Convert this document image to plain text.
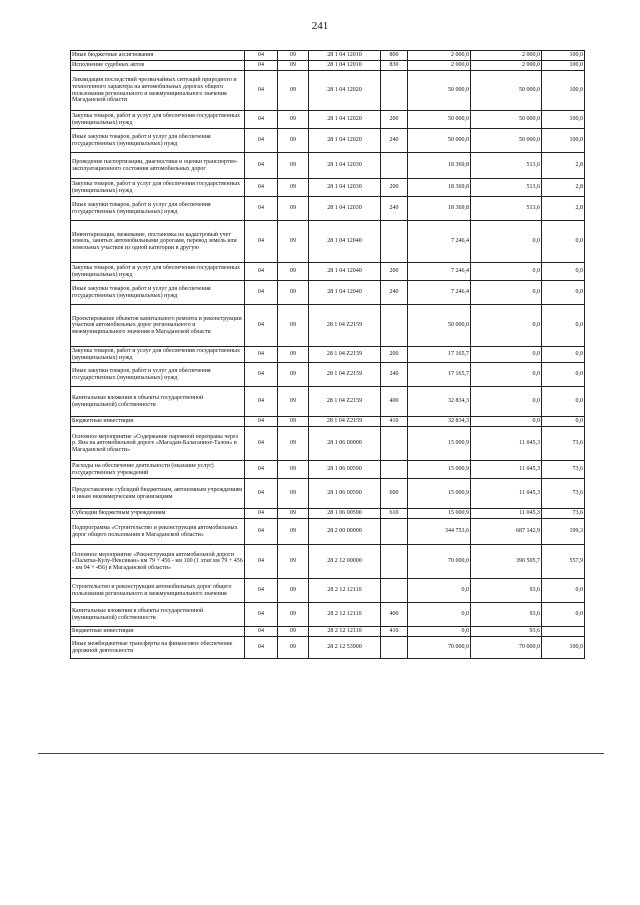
241
Иные бюджетные ассигнования	04	09	28 1 04 12010	800	2 000,0	2 000,0	100,0
Исполнение судебных актов	04	09	28 1 04 12010	830	2 000,0	2 000,0	100,0
Ликвидация последствий чрезвычайных ситуаций природного и техногенного характера на автомобильных дорогах общего пользования регионального и межмуниципального значения Магаданской области	04	09	28 1 04 12020		50 000,0	50 000,0	100,0
Закупка товаров, работ и услуг для обеспечения государственных (муниципальных) нужд	04	09	28 1 04 12020	200	50 000,0	50 000,0	100,0
Иные закупки товаров, работ и услуг для обеспечения государственных (муниципальных) нужд	04	09	28 1 04 12020	240	50 000,0	50 000,0	100,0
Проведение паспортизации, диагностики и оценки транспортно-эксплуатационного состояния автомобильных дорог	04	09	28 1 04 12030		18 369,8	513,6	2,8
Закупка товаров, работ и услуг для обеспечения государственных (муниципальных) нужд	04	09	28 1 04 12030	200	18 369,8	513,6	2,8
Иные закупки товаров, работ и услуг для обеспечения государственных (муниципальных) нужд	04	09	28 1 04 12030	240	18 369,8	513,6	2,8
Инвентаризация, межевание, постановка на кадастровый учет земель, занятых автомобильными дорогами, перевод земель или земельных участков из одной категории в другую	04	09	28 1 04 12040		7 246,4	0,0	0,0
Закупка товаров, работ и услуг для обеспечения государственных (муниципальных) нужд	04	09	28 1 04 12040	200	7 246,4	0,0	0,0
Иные закупки товаров, работ и услуг для обеспечения государственных (муниципальных) нужд	04	09	28 1 04 12040	240	7 246,4	0,0	0,0
Проектирование объектов капитального ремонта и реконструкции участков автомобильных дорог регионального и межмуниципального значения в Магаданской области	04	09	28 1 04 Z2159		50 000,0	0,0	0,0
Закупка товаров, работ и услуг для обеспечения государственных (муниципальных) нужд	04	09	28 1 04 Z2159	200	17 165,7	0,0	0,0
Иные закупки товаров, работ и услуг для обеспечения государственных (муниципальных) нужд	04	09	28 1 04 Z2159	240	17 165,7	0,0	0,0
Капитальные вложения в объекты государственной (муниципальной) собственности	04	09	28 1 04 Z2159	400	32 834,3	0,0	0,0
Бюджетные инвестиции	04	09	28 1 04 Z2159	410	32 834,3	0,0	0,0
Основное мероприятие «Содержание паромной переправы через р. Яна на автомобильной дороге «Магадан-Балаганное-Талон» в Магаданской области»	04	09	28 1 06 00000		15 000,9	11 045,3	73,6
Расходы на обеспечение деятельности (оказание услуг) государственных учреждений	04	09	28 1 06 00590		15 000,9	11 045,3	73,6
Предоставление субсидий бюджетным, автономным учреждениям и иным некоммерческим организациям	04	09	28 1 06 00590	600	15 000,9	11 045,3	73,6
Субсидии бюджетным учреждениям	04	09	28 1 06 00590	610	15 000,9	11 045,3	73,6
Подпрограмма «Строительство и реконструкция автомобильных дорог общего пользования в Магаданской области»	04	09	28 2 00 00000		344 753,6	687 142,9	199,3
Основное мероприятие «Реконструкция автомобильной дороги «Палатка-Кулу-Нексикан» км 79 + 456 - км 100 (1 этап км 79 + 456 - км 94 + 456) в Магаданской области»	04	09	28 2 12 00000		70 000,0	390 505,7	557,9
Строительство и реконструкция автомобильных дорог общего пользования регионального и межмуниципального значения	04	09	28 2 12 12110		0,0	93,6	0,0
Капитальные вложения в объекты государственной (муниципальной) собственности	04	09	28 2 12 12110	400	0,0	93,6	0,0
Бюджетные инвестиции	04	09	28 2 12 12110	410	0,0	93,6	
Иные межбюджетные трансферты на финансовое обеспечение дорожной деятельности	04	09	28 2 12 53900		70 000,0	70 000,0	100,0
